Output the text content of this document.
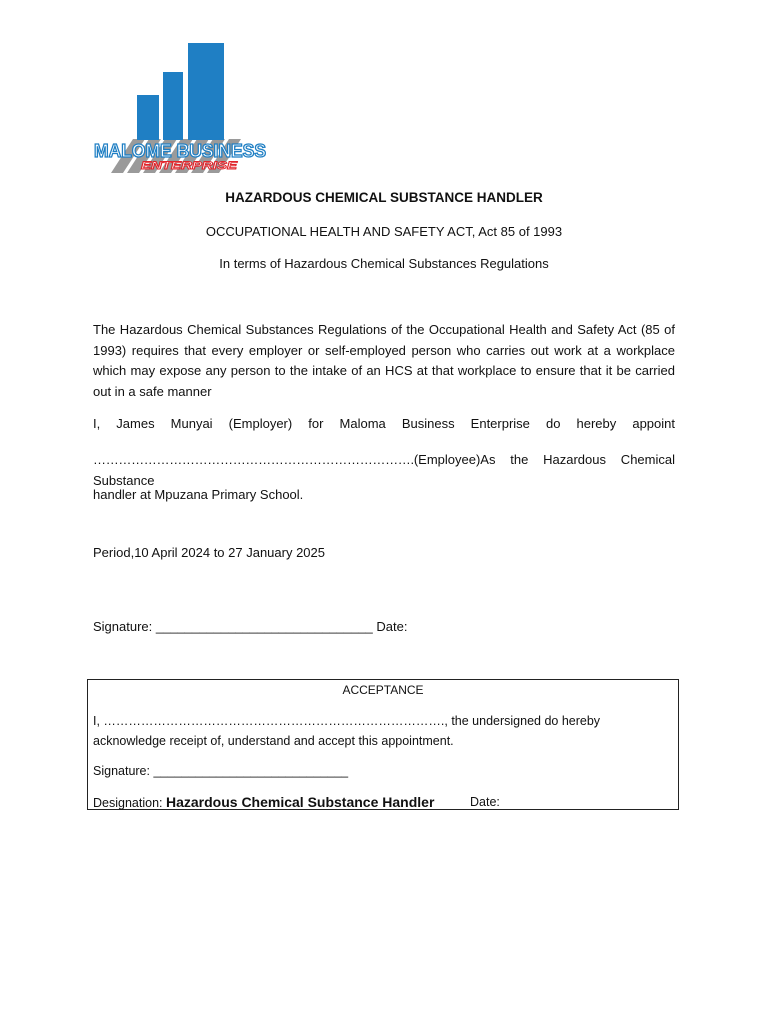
MALOME BUSINESS
ENTERPRISE
HAZARDOUS CHEMICAL SUBSTANCE HANDLER
OCCUPATIONAL HEALTH AND SAFETY ACT, Act 85 of 1993
In terms of Hazardous Chemical Substances Regulations
The Hazardous Chemical Substances Regulations of the Occupational Health and Safety Act (85 of 1993) requires that every employer or self-employed person who carries out work at a workplace which may expose any person to the intake of an HCS at that workplace to ensure that it be carried out in a safe manner
I, James Munyai (Employer) for Maloma Business Enterprise do hereby appoint
………………………………………………………………….(Employee)As the Hazardous Chemical Substance
handler at Mpuzana Primary School.
Period,10 April 2024 to 27 January 2025
Signature: ______________________________ Date:
ACCEPTANCE
I, ………………………………………………………………………., the undersigned do hereby acknowledge receipt of, understand and accept this appointment.
Signature: ____________________________
Designation: Hazardous Chemical Substance Handler	Date:
